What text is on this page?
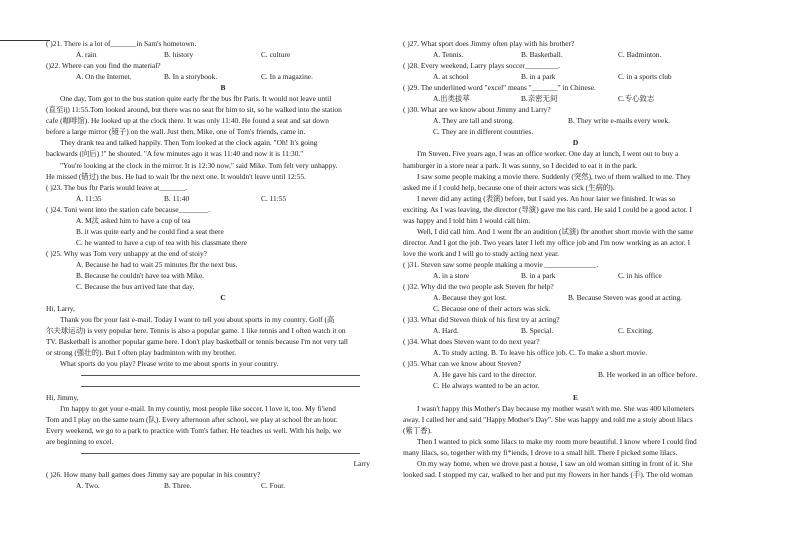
( )21. There is a lot of_______in Sam's hometown.
A. rain	B. history	C. culture
()22. Where can you find the material?
A. On the Internet.	B. In a storybook.	C. In a magazine.
B
One day, Tom got to the bus station quite early fbr the bus fbr Paris. It would not leave until
(直至ij) 11:55.Tom looked around, but there was no seat fbr him to sit, so he walked into the station
cafe (咖啡馆). He looked up at the clock there. It was only 11:40. He found a seat and sat down
before a large mirror (镜子) on the wall. Just then, Mike, one of Tom's friends, came in.
They drank tea and talked happily. Then Tom looked at the clock again. "Oh! It's going
backwards (向后) !" he shouted. "A few minutes ago it was 11:40 and now it is 11:30."
"You're looking at the clock in the mirror. It is 12:30 now," said Mike. Tom felt very unhappy.
He missed (错过) the bus. He had to wait fbr the next one. It wouldn't leave until 12:55.
( )23. The bus fbr Paris would leave at_______.
A. 11:35	B. 11:40	C. 11:55
( )24. Toni went into the station cafe because________.
A. M汰 asked him to have a cup of tea
B. it was quite early and he could find a seat there
C. he wanted to have a cup of tea with his classmate there
( )25. Why was Tom very unhappy at the end of stoiy?
A. Because he had to wait 25 minutes fbr the next bus.
B. Because he couldn't have tea with Mike.
C. Because the bus arrived late that day.
C
Hi, Larry,
Thank you fbr your last e-mail. Today I want to tell you about sports in my country. Golf (高
尔夫球运动) is very popular here. Tennis is also a popular game. 1 like tennis and I often watch it on
TV. Basketball is another popular game here. I don't play basketball or tennis because I'm not very tall
or strong (强壮的). But I often play badminton with my brother.
What sports do you play? Please write to me about sports in your country.
Hi, Jimmy,
I'm happy to get your e-mail. In my countiy, most people like soccer. I love it, too. My fi'iend
Tom and I play on the same team (队). Every afternoon after school, we play at school fbr an hour.
Every weekend, we go to a park to practice with Tom's father. He teaches us well. With his help, we
are beginning to excel.
Larry
( )26. How many ball games does Jimmy say are popular in his country?
A. Two.	B. Three.	C. Four.
( )27. What sport does Jimmy often play with his brother?
A. Tennis.	B. Basketball.	C. Badminton.
( )28. Every weekend, Larry plays soccer_________.
A. at school	B. in a park	C. in a sports club
( )29. The underlined word "excel" means "_______" in Chinese.
A.出类拔萃	B.亲密无间	C.专心致志
( )30. What are we know about Jimmy and Larry?
A. They are tall and strong.	B. They write e-mails every week.
C. They are in different countries.
D
I'm Steven. Five years ago, I was an office worker. One day at lunch, I went out to buy a
hamburger in a store near a park. It was sunny, so I decided to eat it in the park.
I saw some people making a movie there. Suddenly (突然), two of them walked to me. They
asked me if I could help, because one of their actors was sick (生病的).
I never did any acting (表演) before, but I said yes. An hour later we finished. It was so
exciting. As I was leaving, the director (导演) gave me his card. He said I could be a good actor. I
was happy and I told him I would call him.
Well, I did call him. And 1 went fbr an audition (试演) fbr another short movie with the same
director. And I got the job. Two years later I left my office job and I'm now working as an actor. I
love the work and I will go to study acting next year.
( )31. Steven saw some people making a movie ______________.
A. in a store	B. in a park	C. in his office
( )32. Why did the two people ask Steven fbr help?
A. Because they got lost.	B. Because Steven was good at acting.
C. Because one of their actors was sick.
( )33. What did Steven think of his first try at acting?
A. Hard.	B. Special.	C. Exciting.
( )34. What does Steven want to do next year?
A. To study acting. B. To leave his office job. C. To make a short movie.
( )35. What can we know about Steven?
A. He gave his card to the director.	B. He worked in an office before.
C. He always wanted to be an actor.
E
I wasn't happy this Mother's Day because my mother wasn't with me. She was 400 kilometers
away. I called her and said "Happy Mother's Day". She was happy and told me a stoiy about lilacs
(紫丁香).
Then I wanted to pick some lilacs to make my room more beautiful. I know where I could find
many lilacs, so, together with my fi*iends, I drove to a small hill. There I picked some lilacs.
On my way home, when we drove past a house, I saw an old woman sitting in front of it. She
looked sad. I stopped my car, walked to her and put my flowers in her hands (手). The old woman
